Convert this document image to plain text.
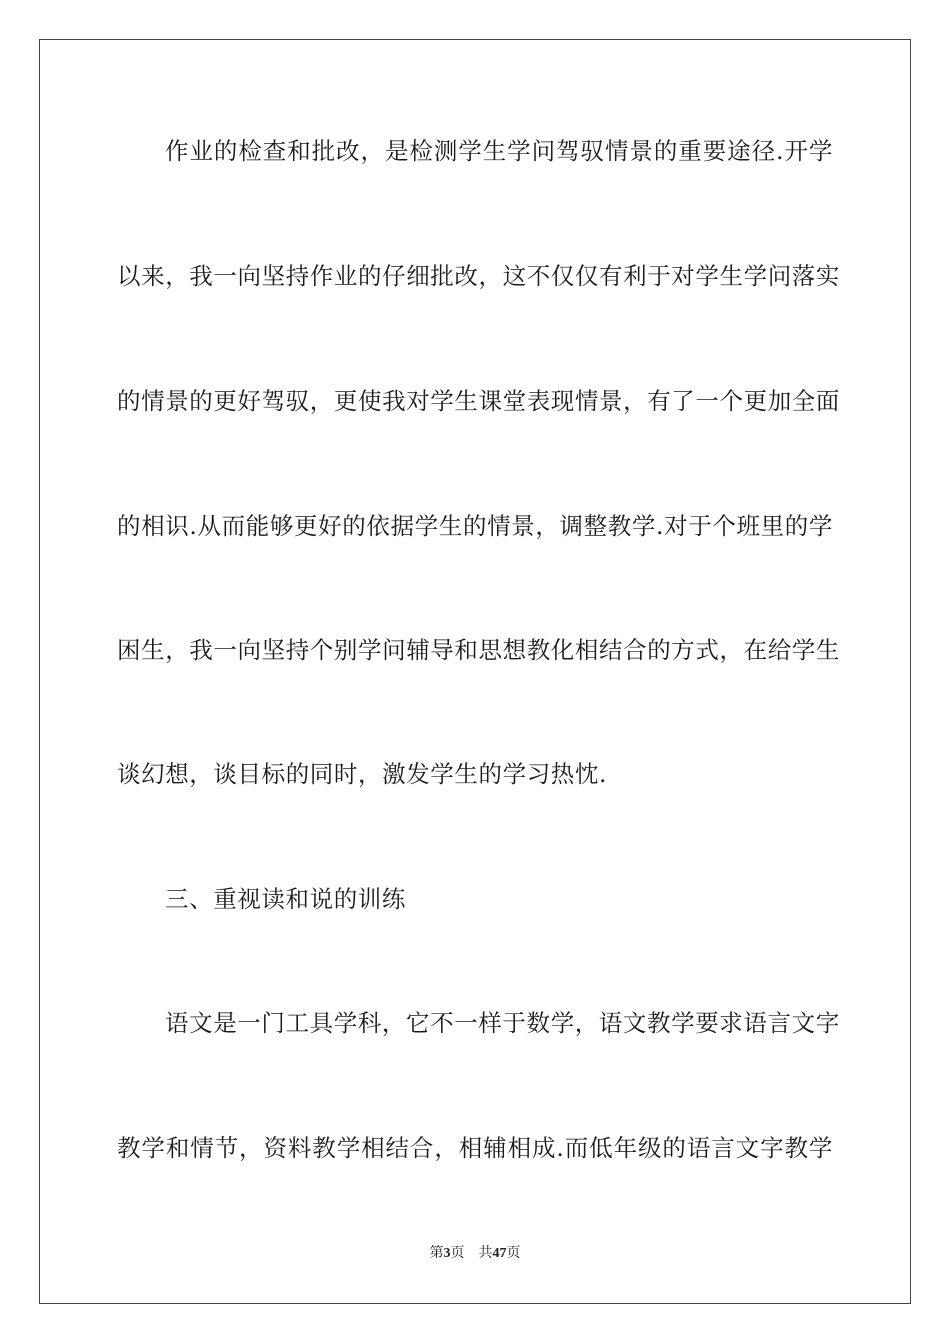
作业的检查和批改，是检测学生学问驾驭情景的重要途径.开学
以来，我一向坚持作业的仔细批改，这不仅仅有利于对学生学问落实
的情景的更好驾驭，更使我对学生课堂表现情景，有了一个更加全面
的相识.从而能够更好的依据学生的情景，调整教学.对于个班里的学
困生，我一向坚持个别学问辅导和思想教化相结合的方式，在给学生
谈幻想，谈目标的同时，激发学生的学习热忱.
三、重视读和说的训练
语文是一门工具学科，它不一样于数学，语文教学要求语言文字
教学和情节，资料教学相结合，相辅相成.而低年级的语言文字教学
第3页 共47页
